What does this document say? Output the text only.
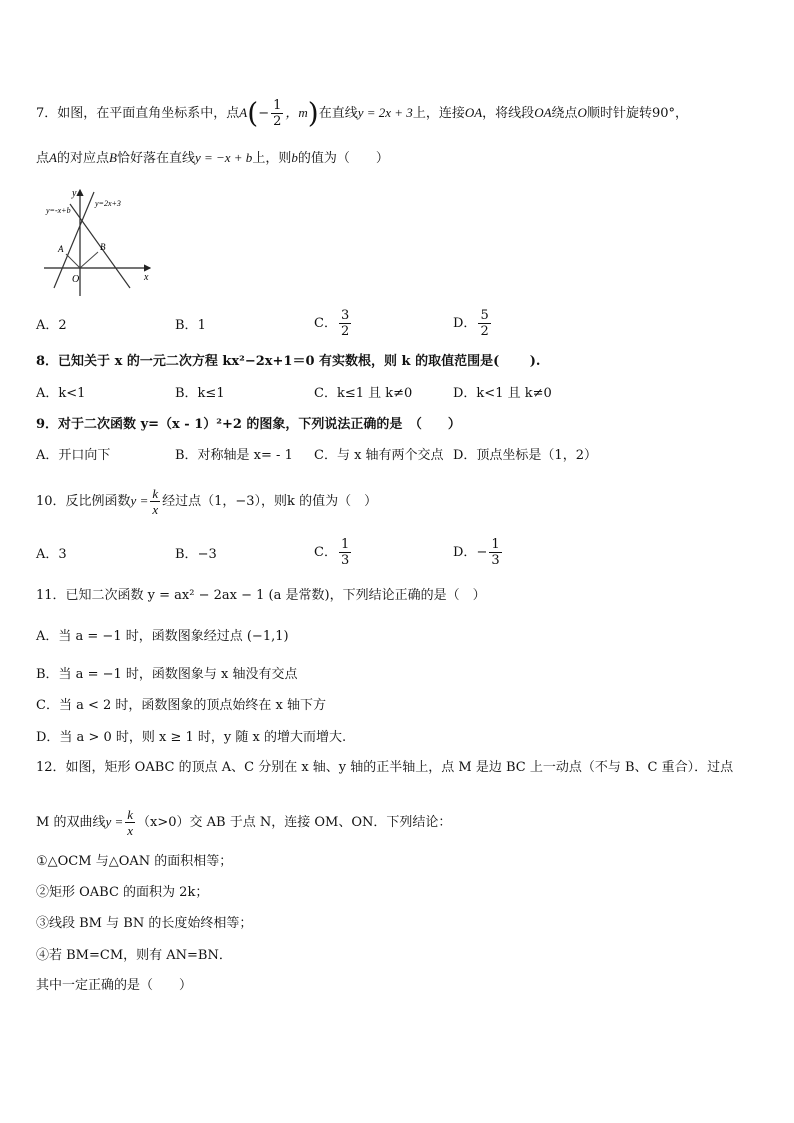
7．如图，在平面直角坐标系中，点$A(- \frac{1}{2}$ ，m)在直线y = 2x + 3上，连接OA，将线段OA绕点O顺时针旋转90°，
点A的对应点B恰好落在直线y = −x + b上，则b的值为（　　）
y
x
O
y=-x+b
y=2x+3
A	B
A．2	B．1	C． $\frac{3}{2}$	D． $\frac{5}{2}$
8．已知关于 x 的一元二次方程 kx²−2x+1＝0 有实数根，则 k 的取值范围是(　　 ).
A．k<1	B．k≤1	C．k≤1 且 k≠0	D．k<1 且 k≠0
9．对于二次函数 y=（x - 1）²+2 的图象，下列说法正确的是　（　　）
A．开口向下	B．对称轴是 x= - 1 C．与 x 轴有两个交点 D．顶点坐标是（1，2）
10．反比例函数$y = \frac{k}{x}$ 经过点（1，−3），则k 的值为（　）
A．3	B．−3	C． $\frac{1}{3}$	D．− $\frac{1}{3}$
11．已知二次函数 y = ax² − 2ax − 1 (a 是常数)，下列结论正确的是（　）
A．当 a = −1 时，函数图象经过点 (−1,1)
B．当 a = −1 时，函数图象与 x 轴没有交点
C．当 a < 2 时，函数图象的顶点始终在 x 轴下方
D．当 a > 0 时，则 x ≥ 1 时，y 随 x 的增大而增大.
12．如图，矩形 OABC 的顶点 A、C 分别在 x 轴、y 轴的正半轴上，点 M 是边 BC 上一动点（不与 B、C 重合）．过点
M 的双曲线$y = \frac{k}{x} (x>0)$交 AB 于点 N，连接 OM、ON．下列结论：
①△OCM 与△OAN 的面积相等；
②矩形 OABC 的面积为 2k；
③线段 BM 与 BN 的长度始终相等；
④若 BM=CM，则有 AN=BN．
其中一定正确的是（　　）
